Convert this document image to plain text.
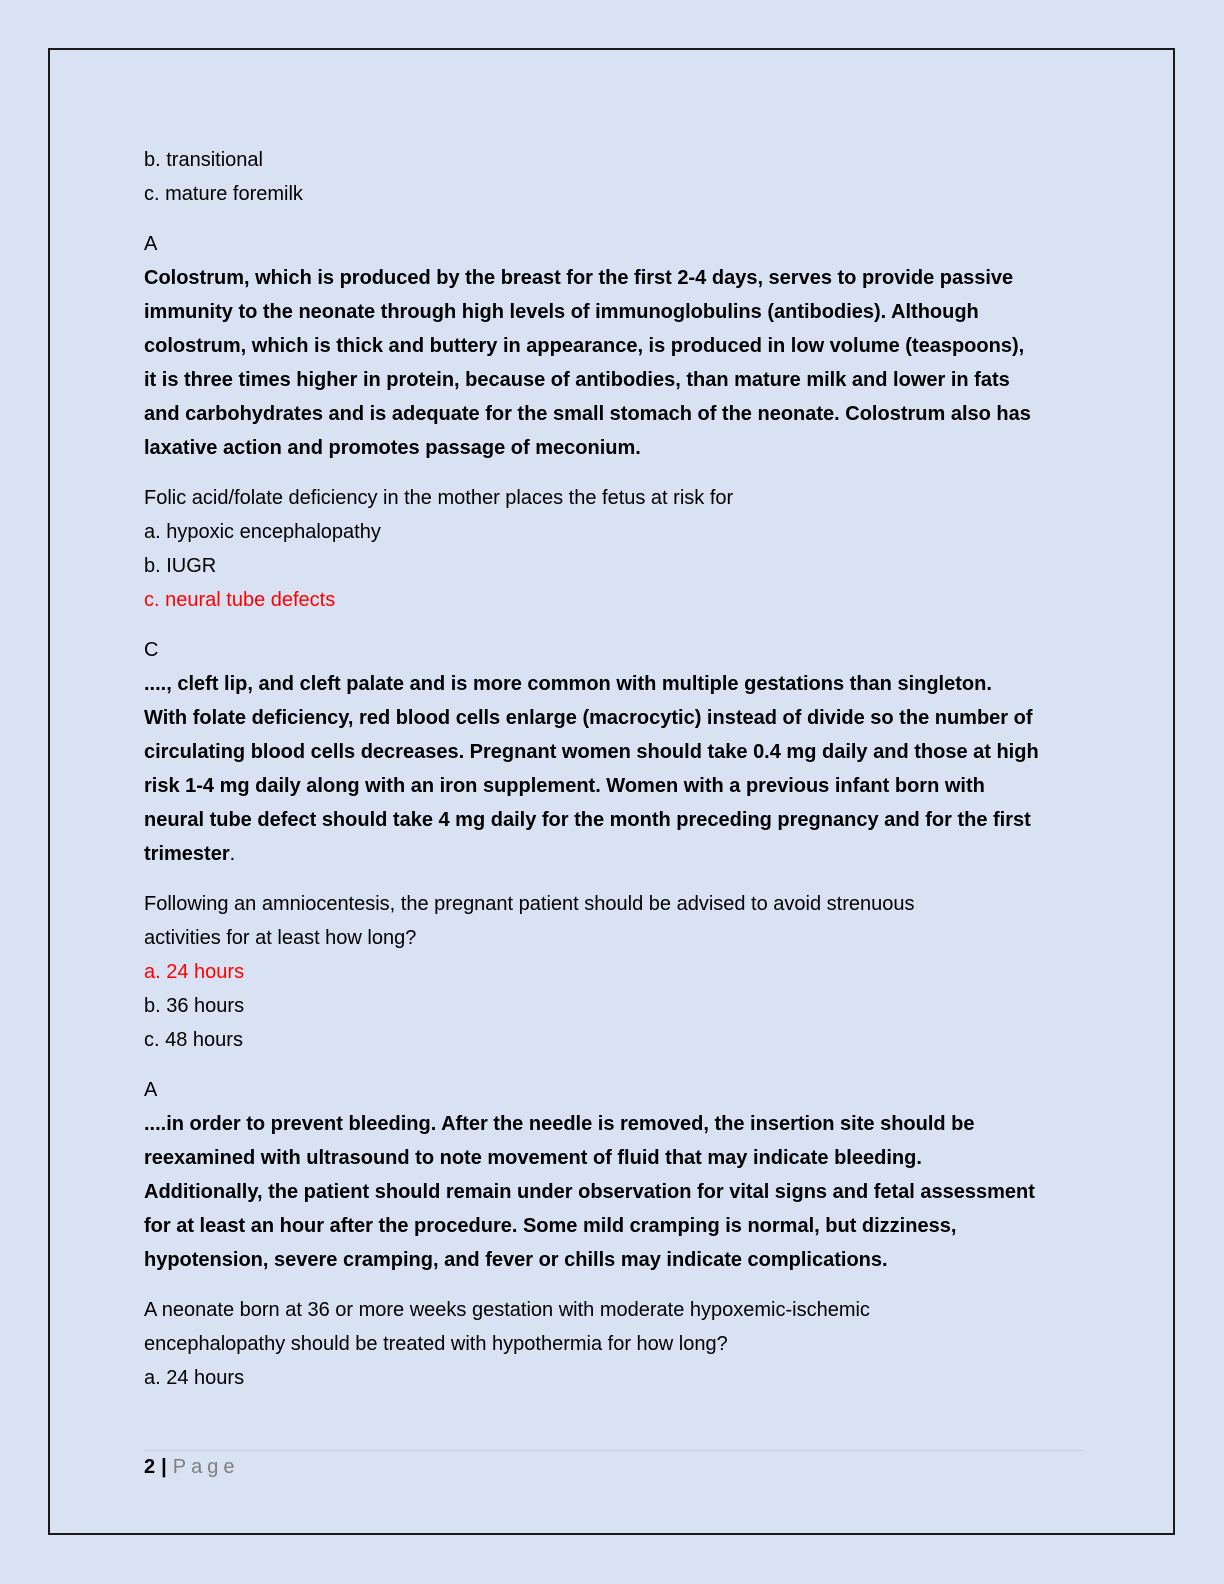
b. transitional

c. mature foremilk

A

Colostrum, which is produced by the breast for the first 2-4 days, serves to provide passive

immunity to the neonate through high levels of immunoglobulins (antibodies). Although

colostrum, which is thick and buttery in appearance, is produced in low volume (teaspoons),

it is three times higher in protein, because of antibodies, than mature milk and lower in fats

and carbohydrates and is adequate for the small stomach of the neonate. Colostrum also has

laxative action and promotes passage of meconium.

Folic acid/folate deficiency in the mother places the fetus at risk for

a. hypoxic encephalopathy

b. IUGR

c. neural tube defects

C

...., cleft lip, and cleft palate and is more common with multiple gestations than singleton.

With folate deficiency, red blood cells enlarge (macrocytic) instead of divide so the number of

circulating blood cells decreases. Pregnant women should take 0.4 mg daily and those at high

risk 1-4 mg daily along with an iron supplement. Women with a previous infant born with

neural tube defect should take 4 mg daily for the month preceding pregnancy and for the first

trimester.

Following an amniocentesis, the pregnant patient should be advised to avoid strenuous

activities for at least how long?

a. 24 hours

b. 36 hours

c. 48 hours

A

....in order to prevent bleeding. After the needle is removed, the insertion site should be

reexamined with ultrasound to note movement of fluid that may indicate bleeding.

Additionally, the patient should remain under observation for vital signs and fetal assessment

for at least an hour after the procedure. Some mild cramping is normal, but dizziness,

hypotension, severe cramping, and fever or chills may indicate complications.

A neonate born at 36 or more weeks gestation with moderate hypoxemic-ischemic

encephalopathy should be treated with hypothermia for how long?

a. 24 hours

2 | Page
